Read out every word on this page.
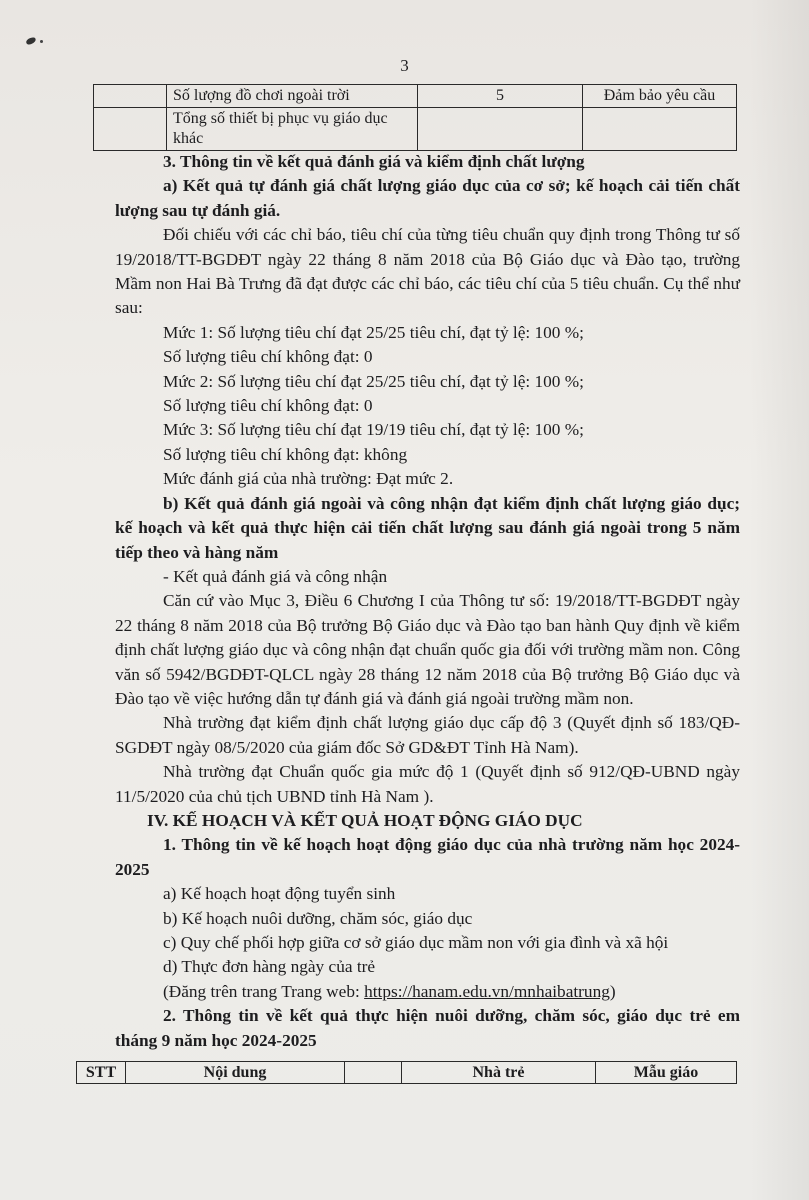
3
	Số lượng đồ chơi ngoài trời	5	Đảm bảo yêu cầu
	Tổng số thiết bị phục vụ giáo dục khác		

3. Thông tin về kết quả đánh giá và kiểm định chất lượng

a) Kết quả tự đánh giá chất lượng giáo dục của cơ sở; kế hoạch cải tiến chất lượng sau tự đánh giá.

Đối chiếu với các chỉ báo, tiêu chí của từng tiêu chuẩn quy định trong Thông tư số 19/2018/TT-BGDĐT ngày 22 tháng 8 năm 2018 của Bộ Giáo dục và Đào tạo, trường Mầm non Hai Bà Trưng đã đạt được các chỉ báo, các tiêu chí của 5 tiêu chuẩn. Cụ thể như sau:

Mức 1: Số lượng tiêu chí đạt 25/25 tiêu chí, đạt tỷ lệ: 100 %;

Số lượng tiêu chí không đạt: 0

Mức 2: Số lượng tiêu chí đạt 25/25 tiêu chí, đạt tỷ lệ: 100 %;

Số lượng tiêu chí không đạt: 0

Mức 3: Số lượng tiêu chí đạt 19/19 tiêu chí, đạt tỷ lệ: 100 %;

Số lượng tiêu chí không đạt: không

Mức đánh giá của nhà trường: Đạt mức 2.

b) Kết quả đánh giá ngoài và công nhận đạt kiểm định chất lượng giáo dục; kế hoạch và kết quả thực hiện cải tiến chất lượng sau đánh giá ngoài trong 5 năm tiếp theo và hàng năm

- Kết quả đánh giá và công nhận

Căn cứ vào Mục 3, Điều 6 Chương I của Thông tư số: 19/2018/TT-BGDĐT ngày 22 tháng 8 năm 2018 của Bộ trưởng Bộ Giáo dục và Đào tạo ban hành Quy định về kiểm định chất lượng giáo dục và công nhận đạt chuẩn quốc gia đối với trường mầm non. Công văn số 5942/BGDĐT-QLCL ngày 28 tháng 12 năm 2018 của Bộ trưởng Bộ Giáo dục và Đào tạo về việc hướng dẫn tự đánh giá và đánh giá ngoài trường mầm non.

Nhà trường đạt kiểm định chất lượng giáo dục cấp độ 3 (Quyết định số 183/QĐ-SGDĐT ngày 08/5/2020 của giám đốc Sở GD&ĐT Tỉnh Hà Nam).

Nhà trường đạt Chuẩn quốc gia mức độ 1 (Quyết định số 912/QĐ-UBND ngày 11/5/2020 của chủ tịch UBND tỉnh Hà Nam ).

IV. KẾ HOẠCH VÀ KẾT QUẢ HOẠT ĐỘNG GIÁO DỤC

1. Thông tin về kế hoạch hoạt động giáo dục của nhà trường năm học 2024-2025

a) Kế hoạch hoạt động tuyển sinh

b) Kế hoạch nuôi dưỡng, chăm sóc, giáo dục

c) Quy chế phối hợp giữa cơ sở giáo dục mầm non với gia đình và xã hội

d) Thực đơn hàng ngày của trẻ

(Đăng trên trang Trang web: https://hanam.edu.vn/mnhaibatrung)

2. Thông tin về kết quả thực hiện nuôi dưỡng, chăm sóc, giáo dục trẻ em tháng 9 năm học 2024-2025

STT	Nội dung		Nhà trẻ	Mẫu giáo
